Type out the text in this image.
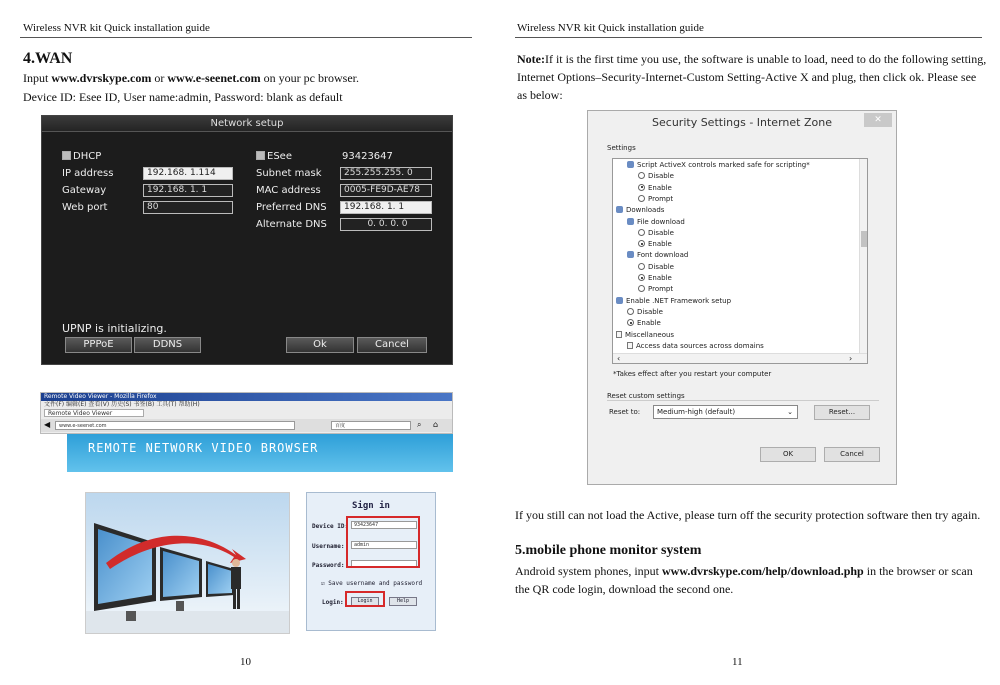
Wireless NVR kit Quick installation guide
4.WAN
Input www.dvrskype.com or www.e-seenet.com on your pc browser.
Device ID: Esee ID, User name:admin, Password: blank as default
Network setup
DHCP
IP address	192.168. 1.114
Gateway	192.168. 1. 1
Web port	80
ESee	93423647
Subnet mask	255.255.255. 0
MAC address	0005-FE9D-AE78
Preferred DNS	192.168. 1. 1
Alternate DNS	0. 0. 0. 0
UPNP is initializing.
PPPoE	DDNS	Ok	Cancel
Remote Video Viewer - Mozilla Firefox
文件(F) 编辑(E) 查看(V) 历史(S) 书签(B) 工具(T) 帮助(H)
Remote Video Viewer
◀	www.e-seenet.com	百度	⌕ ⌂
REMOTE NETWORK VIDEO BROWSER
Sign in
Device ID:	93423647
Username:	admin
Password:
☑ Save username and password
Login:	Login	Help
10
Wireless NVR kit Quick installation guide
Note:If it is the first time you use, the software is unable to load, need to do the following setting,
Internet Options–Security-Internet-Custom Setting-Active X and plug, then click ok. Please see
as below:
If you still can not load the Active, please turn off the security protection software then try again.
5.mobile phone monitor system
Android system phones, input www.dvrskype.com/help/download.php in the browser or scan
the QR code login, download the second one.
11
Security Settings - Internet Zone	✕
Settings
‹	›
Script ActiveX controls marked safe for scripting*
Disable
Enable
Prompt
Downloads
File download
Disable
Enable
Font download
Disable
Enable
Prompt
Enable .NET Framework setup
Disable
Enable
Miscellaneous
Access data sources across domains
*Takes effect after you restart your computer
Reset custom settings
Reset to:	Medium-high (default)	⌄	Reset...
OK	Cancel
